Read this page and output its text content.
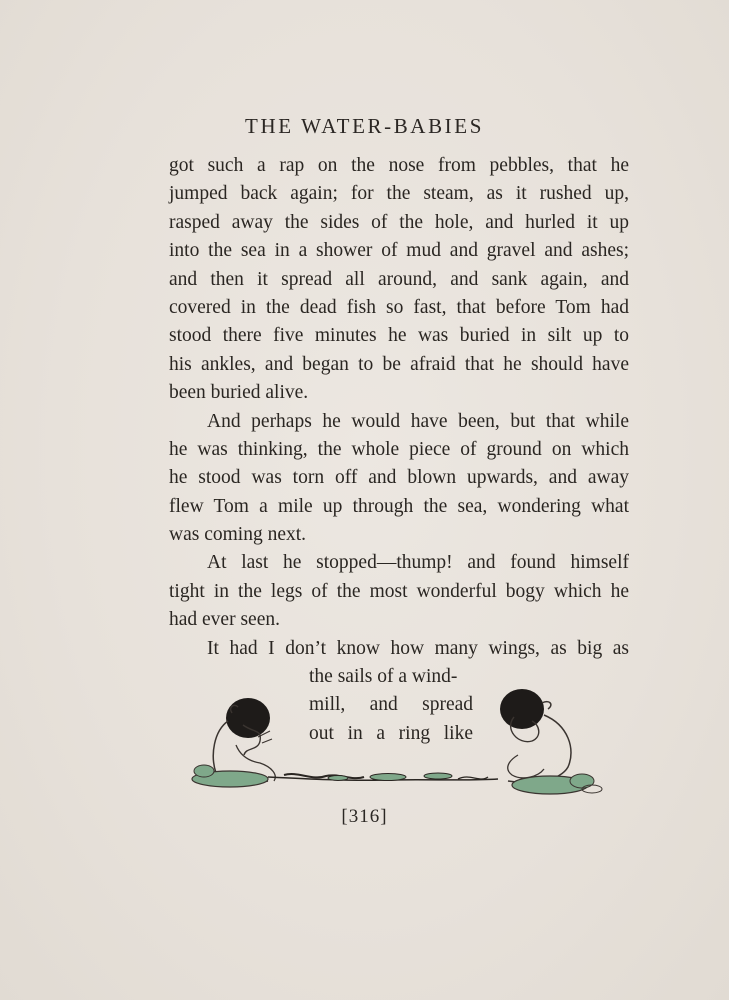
THE WATER-BABIES
got such a rap on the nose from pebbles, that he
jumped back again; for the steam, as it rushed up,
rasped away the sides of the hole, and hurled it up
into the sea in a shower of mud and gravel and ashes;
and then it spread all around, and sank again, and
covered in the dead fish so fast, that before Tom had
stood there five minutes he was buried in silt up to
his ankles, and began to be afraid that he should have
been buried alive.
And perhaps he would have been, but that while
he was thinking, the whole piece of ground on which
he stood was torn off and blown upwards, and away
flew Tom a mile up through the sea, wondering what
was coming next.
At last he stopped—thump! and found himself
tight in the legs of the most wonderful bogy which he
had ever seen.
It had I don’t know how many wings, as big as
the sails of a wind-
mill, and spread
out in a ring like
[316]
